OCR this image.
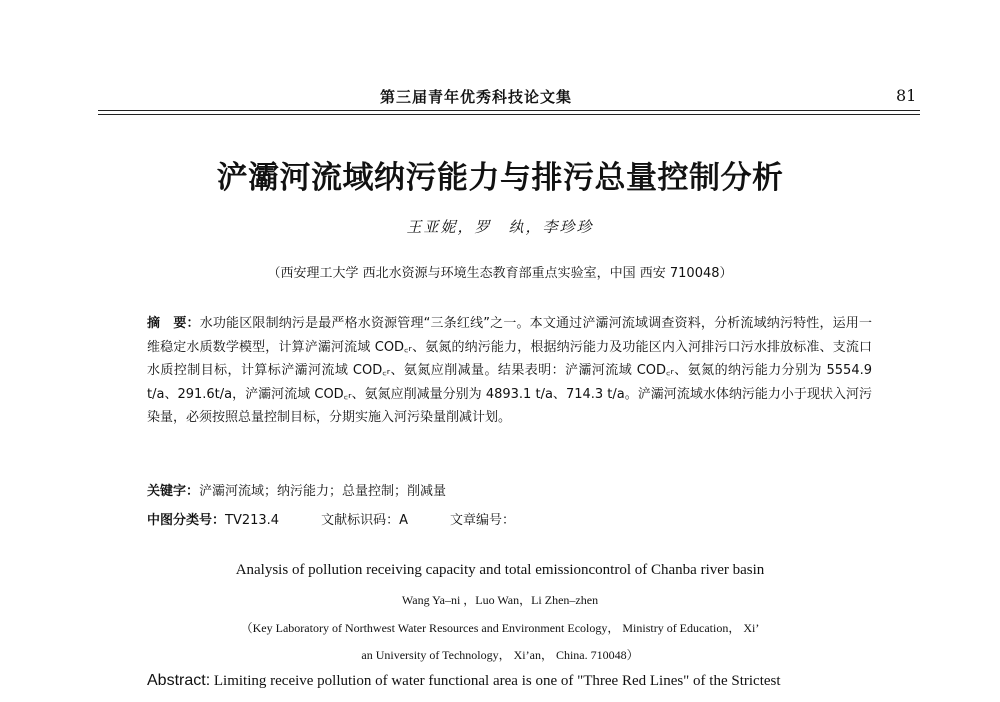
第三届青年优秀科技论文集	81
浐灞河流域纳污能力与排污总量控制分析
王亚妮，罗　纨，李珍珍
（西安理工大学 西北水资源与环境生态教育部重点实验室，中国 西安 710048）
摘　要：水功能区限制纳污是最严格水资源管理“三条红线”之一。本文通过浐灞河流域调查资料，分析流域纳污特性，运用一维稳定水质数学模型，计算浐灞河流域 COD꜀ᵣ、氨氮的纳污能力，根据纳污能力及功能区内入河排污口污水排放标准、支流口水质控制目标，计算标浐灞河流域 COD꜀ᵣ、氨氮应削减量。结果表明：浐灞河流域 COD꜀ᵣ、氨氮的纳污能力分别为 5554.9 t/a、291.6t/a，浐灞河流域 COD꜀ᵣ、氨氮应削减量分别为 4893.1 t/a、714.3 t/a。浐灞河流域水体纳污能力小于现状入河污染量，必须按照总量控制目标，分期实施入河污染量削减计划。
关键字：浐灞河流域；纳污能力；总量控制；削减量
中图分类号：TV213.4	文献标识码：A	文章编号：
Analysis of pollution receiving capacity and total emissioncontrol of Chanba river basin
Wang Ya–ni ，Luo Wan，Li Zhen–zhen
（Key Laboratory of Northwest Water Resources and Environment Ecology， Ministry of Education， Xi’
an University of Technology， Xi’an， China. 710048）
Abstract: Limiting receive pollution of water functional area is one of "Three Red Lines" of the Strictest
